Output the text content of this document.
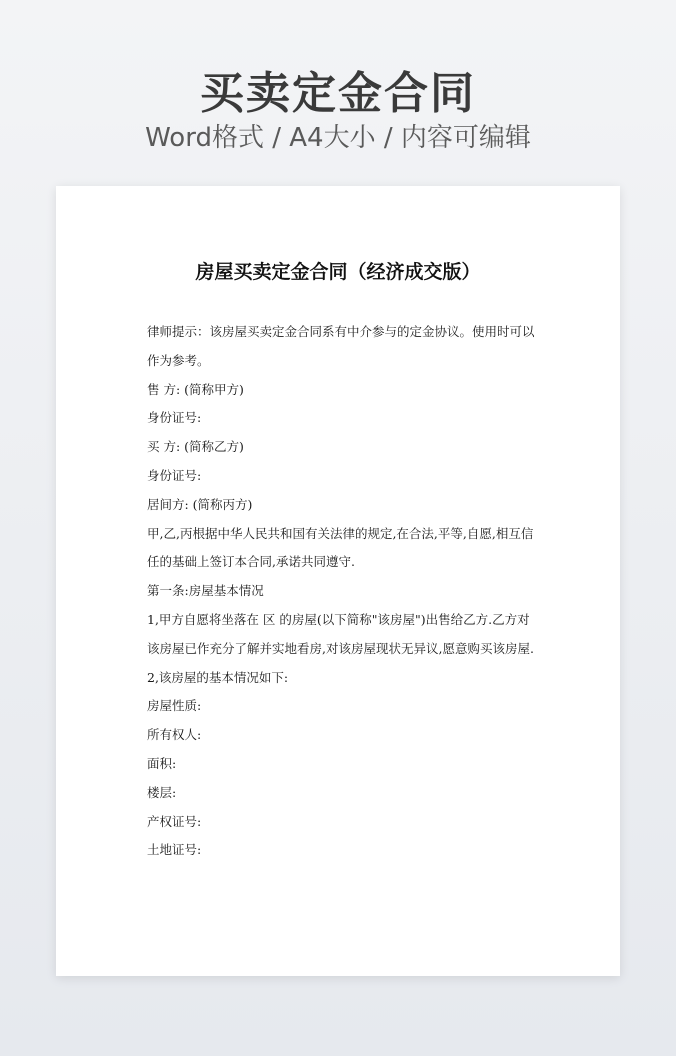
买卖定金合同
Word格式 / A4大小 / 内容可编辑
房屋买卖定金合同（经济成交版）

律师提示：该房屋买卖定金合同系有中介参与的定金协议。使用时可以作为参考。

售 方: (简称甲方)

身份证号:

买 方: (简称乙方)

身份证号:

居间方: (简称丙方)

甲,乙,丙根据中华人民共和国有关法律的规定,在合法,平等,自愿,相互信任的基础上签订本合同,承诺共同遵守.

第一条:房屋基本情况

1,甲方自愿将坐落在 区 的房屋(以下简称"该房屋")出售给乙方.乙方对该房屋已作充分了解并实地看房,对该房屋现状无异议,愿意购买该房屋.

2,该房屋的基本情况如下:

房屋性质:

所有权人:

面积:

楼层:

产权证号:

土地证号:
